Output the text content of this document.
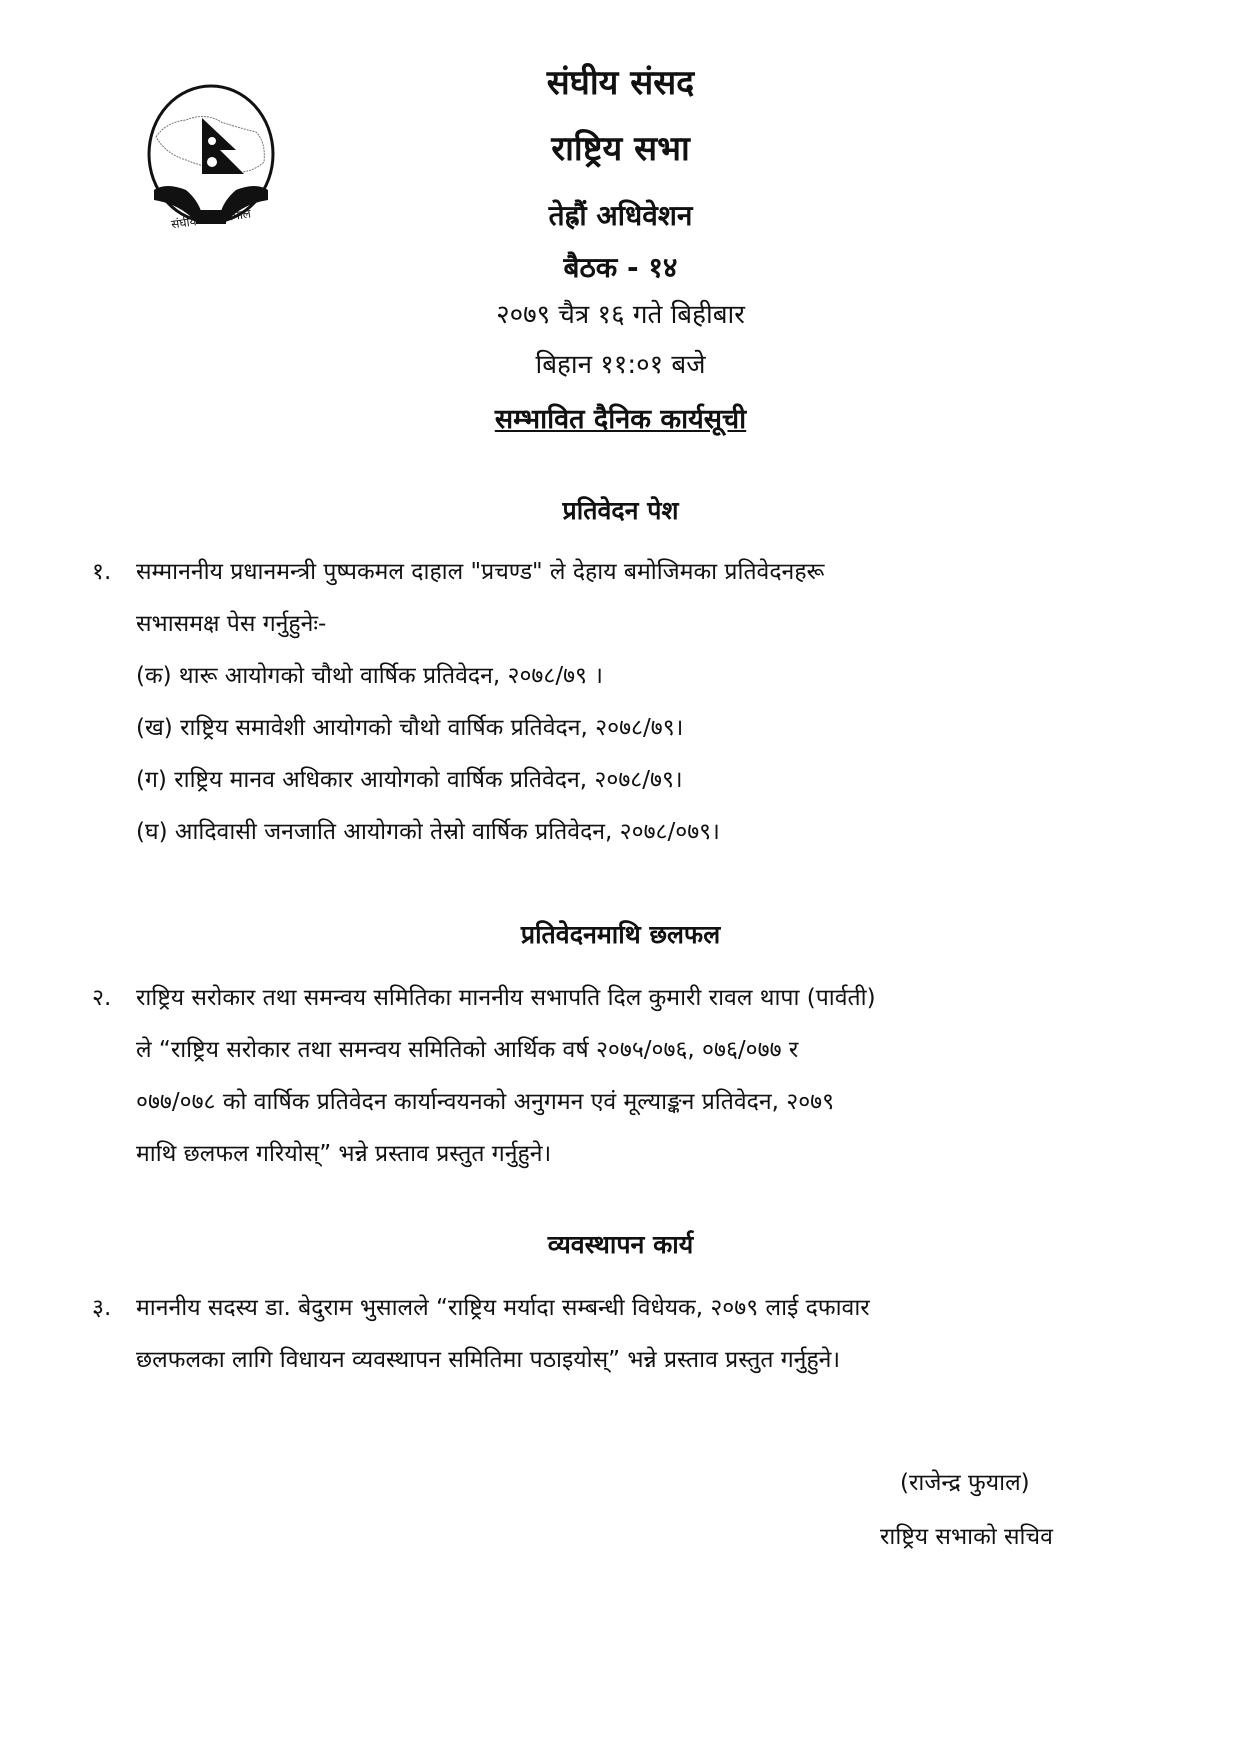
संघीय संसद नेपाल
संघीय संसद
राष्ट्रिय सभा
तेह्रौं अधिवेशन
बैठक - १४
२०७९ चैत्र १६ गते बिहीबार
बिहान ११:०१ बजे
सम्भावित दैनिक कार्यसूची
प्रतिवेदन पेश
१. सम्माननीय प्रधानमन्त्री पुष्पकमल दाहाल "प्रचण्ड" ले देहाय बमोजिमका प्रतिवेदनहरू
सभासमक्ष पेस गर्नुहुनेः-
(क) थारू आयोगको चौथो वार्षिक प्रतिवेदन, २०७८/७९ ।
(ख) राष्ट्रिय समावेशी आयोगको चौथो वार्षिक प्रतिवेदन, २०७८/७९।
(ग) राष्ट्रिय मानव अधिकार आयोगको वार्षिक प्रतिवेदन, २०७८/७९।
(घ) आदिवासी जनजाति आयोगको तेस्रो वार्षिक प्रतिवेदन, २०७८/०७९।
प्रतिवेदनमाथि छलफल
२. राष्ट्रिय सरोकार तथा समन्वय समितिका माननीय सभापति दिल कुमारी रावल थापा (पार्वती)
ले “राष्ट्रिय सरोकार तथा समन्वय समितिको आर्थिक वर्ष २०७५/०७६, ०७६/०७७ र
०७७/०७८ को वार्षिक प्रतिवेदन कार्यान्वयनको अनुगमन एवं मूल्याङ्कन प्रतिवेदन, २०७९
माथि छलफल गरियोस्” भन्ने प्रस्ताव प्रस्तुत गर्नुहुने।
व्यवस्थापन कार्य
३. माननीय सदस्य डा. बेदुराम भुसालले “राष्ट्रिय मर्यादा सम्बन्धी विधेयक, २०७९ लाई दफावार
छलफलका लागि विधायन व्यवस्थापन समितिमा पठाइयोस्” भन्ने प्रस्ताव प्रस्तुत गर्नुहुने।
(राजेन्द्र फुयाल)
राष्ट्रिय सभाको सचिव
